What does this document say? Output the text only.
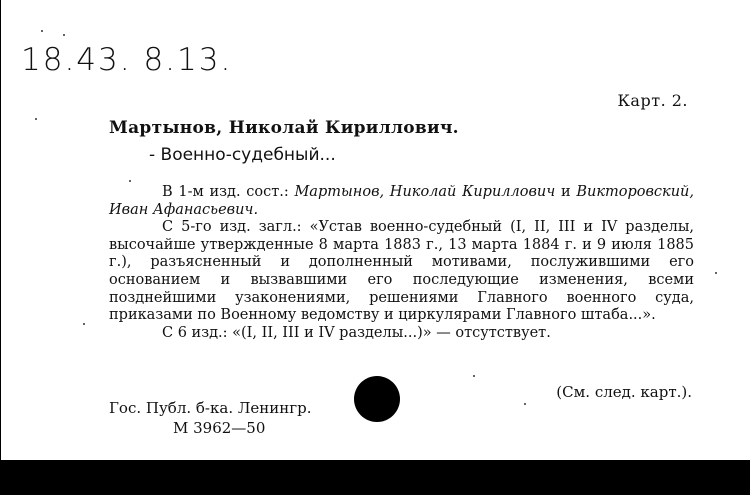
18.43. 8.13.
Карт. 2.
Мартынов, Николай Кириллович.
- Военно-судебный...

В 1-м изд. сост.: Мартынов, Николай Кириллович и Викторовский, Иван Афанасьевич.

С 5-го изд. загл.: «Устав военно-судебный (I, II, III и IV разделы, высочайше утвержденные 8 марта 1883 г., 13 марта 1884 г. и 9 июля 1885 г.), разъясненный и дополненный мотивами, послужившими его основанием и вызвавшими его последующие изменения, всеми позднейшими узаконениями, решениями Главного военного суда, приказами по Военному ведомству и циркулярами Главного штаба...».

С 6 изд.: «(I, II, III и IV разделы...)» — отсутствует.

(См. след. карт.).
Гос. Публ. б-ка. Ленингр.
М 3962—50
